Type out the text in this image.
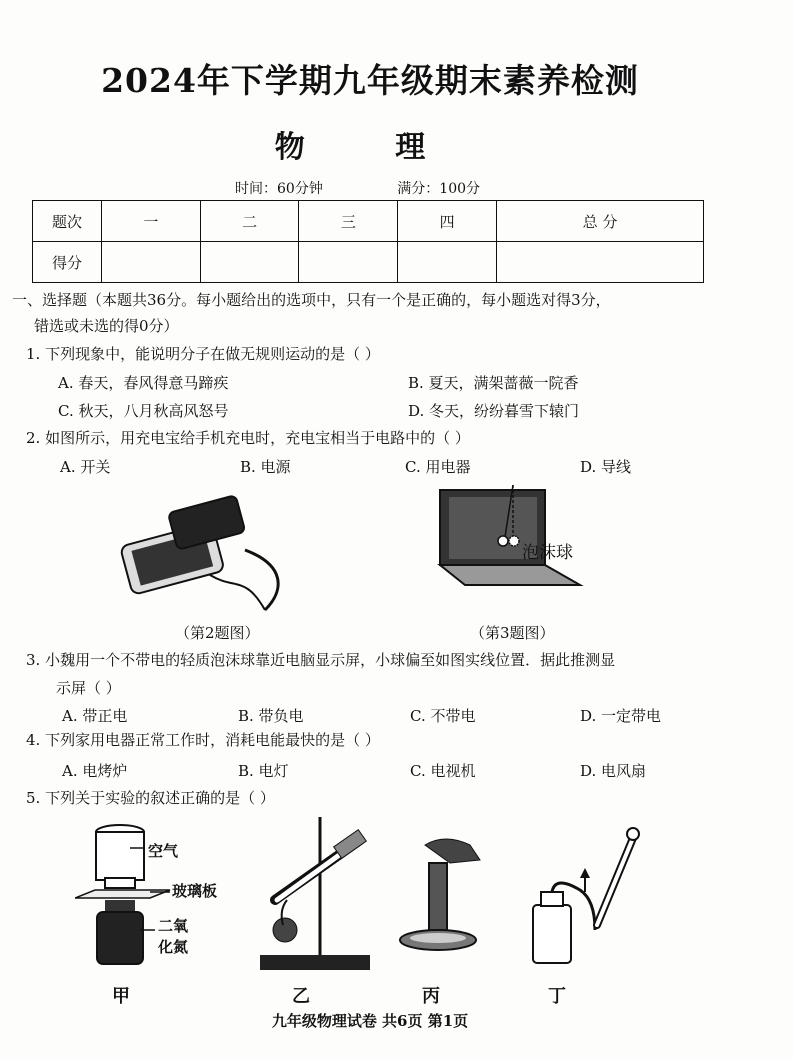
2024年下学期九年级期末素养检测
物 理
时间：60分钟	满分：100分
题次	一	二	三	四	总 分
得分					
一、选择题（本题共36分。每小题给出的选项中，只有一个是正确的，每小题选对得3分，
错选或未选的得0分）
1. 下列现象中，能说明分子在做无规则运动的是（ ）
A. 春天，春风得意马蹄疾	B. 夏天，满架蔷薇一院香
C. 秋天，八月秋高风怒号	D. 冬天，纷纷暮雪下辕门
2. 如图所示，用充电宝给手机充电时，充电宝相当于电路中的（ ）
A. 开关	B. 电源	C. 用电器	D. 导线
（第2题图）
泡沫球
（第3题图）
3. 小魏用一个不带电的轻质泡沫球靠近电脑显示屏，小球偏至如图实线位置．据此推测显
示屏（ ）
A. 带正电	B. 带负电	C. 不带电	D. 一定带电
4. 下列家用电器正常工作时，消耗电能最快的是（ ）
A. 电烤炉	B. 电灯	C. 电视机	D. 电风扇
5. 下列关于实验的叙述正确的是（ ）
空气
玻璃板
二氧
化氮
甲	乙	丙	丁
九年级物理试卷 共6页 第1页
